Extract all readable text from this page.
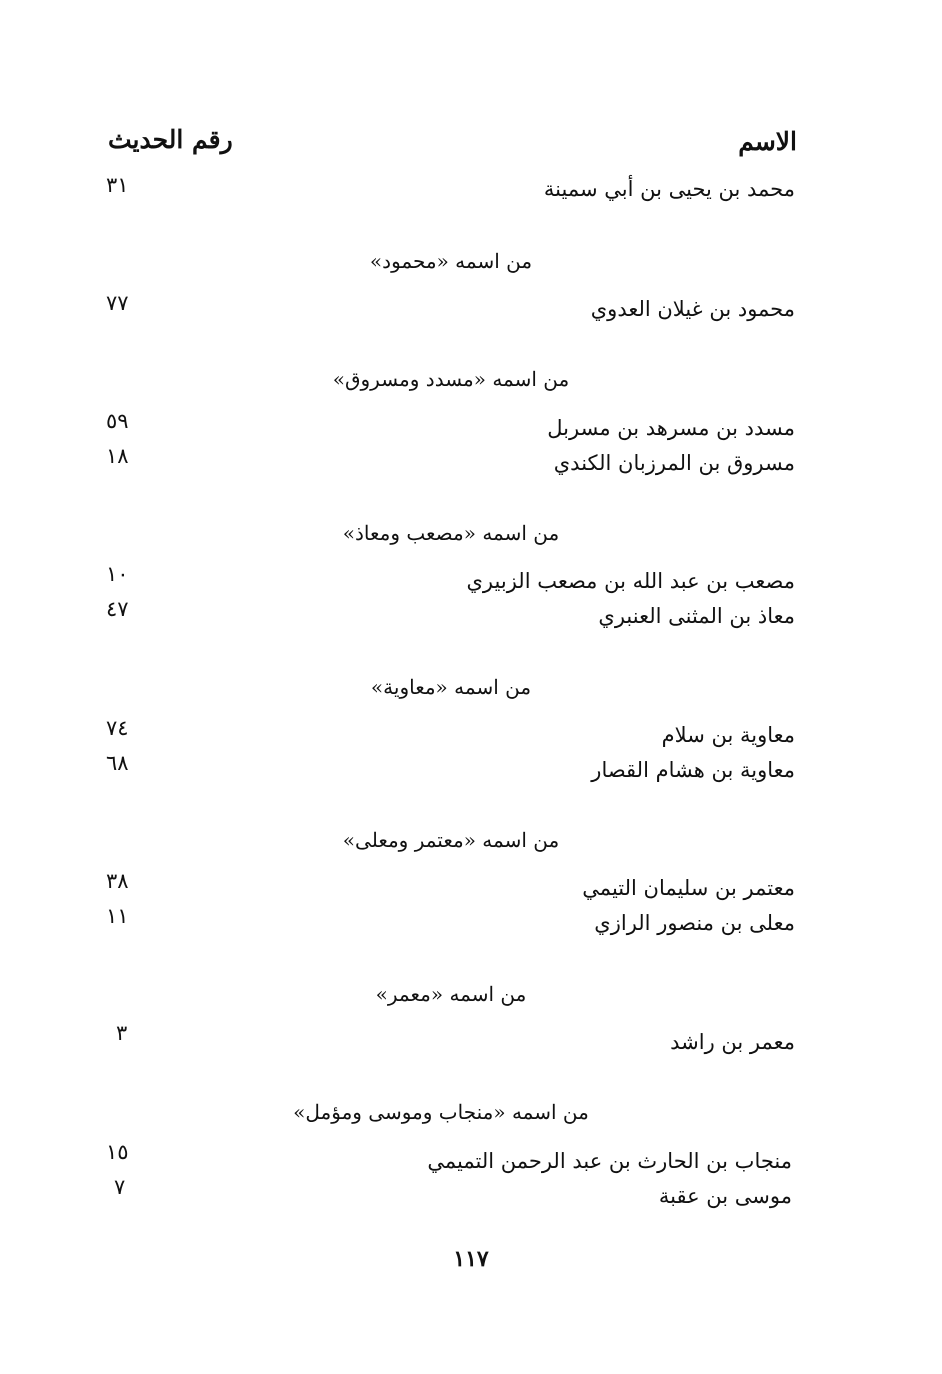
الاسم
رقم الحديث
محمد بن يحيى بن أبي سمينة
٣١
من اسمه «محمود»
محمود بن غيلان العدوي
٧٧
من اسمه «مسدد ومسروق»
مسدد بن مسرهد بن مسربل
٥٩
مسروق بن المرزبان الكندي
١٨
من اسمه «مصعب ومعاذ»
مصعب بن عبد الله بن مصعب الزبيري
١٠
معاذ بن المثنى العنبري
٤٧
من اسمه «معاوية»
معاوية بن سلام
٧٤
معاوية بن هشام القصار
٦٨
من اسمه «معتمر ومعلى»
معتمر بن سليمان التيمي
٣٨
معلى بن منصور الرازي
١١
من اسمه «معمر»
معمر بن راشد
٣
من اسمه «منجاب وموسى ومؤمل»
منجاب بن الحارث بن عبد الرحمن التميمي
١٥
موسى بن عقبة
٧
١١٧
